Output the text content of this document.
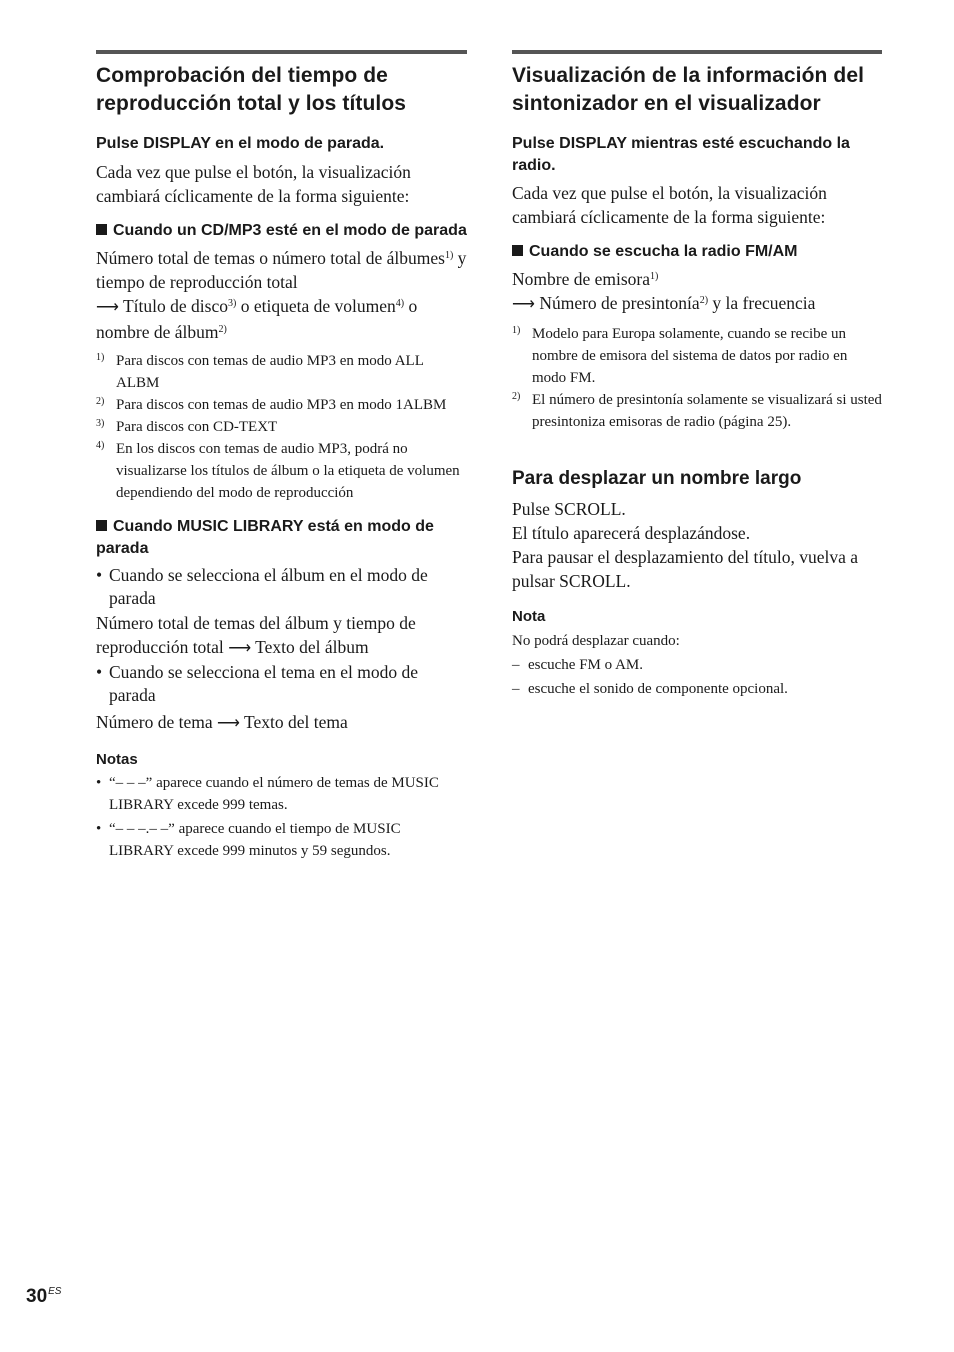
Comprobación del tiempo de reproducción total y los títulos
Pulse DISPLAY en el modo de parada.

Cada vez que pulse el botón, la visualización cambiará cíclicamente de la forma siguiente:

Cuando un CD/MP3 esté en el modo de parada

Número total de temas o número total de álbumes$^{1)}$ y tiempo de reproducción total
⟶ Título de disco$^{3)}$ o etiqueta de volumen$^{4)}$ o nombre de álbum$^{2)}$

1) Para discos con temas de audio MP3 en modo ALL ALBM
2) Para discos con temas de audio MP3 en modo 1ALBM
3) Para discos con CD-TEXT
4) En los discos con temas de audio MP3, podrá no visualizarse los títulos de álbum o la etiqueta de volumen dependiendo del modo de reproducción
Cuando MUSIC LIBRARY está en modo de parada
• Cuando se selecciona el álbum en el modo de parada

Número total de temas del álbum y tiempo de reproducción total ⟶ Texto del álbum

• Cuando se selecciona el tema en el modo de parada

Número de tema ⟶ Texto del tema

Notas
• “– – –” aparece cuando el número de temas de MUSIC LIBRARY excede 999 temas.
• “– – –.– –” aparece cuando el tiempo de MUSIC LIBRARY excede 999 minutos y 59 segundos.
Visualización de la información del sintonizador en el visualizador
Pulse DISPLAY mientras esté escuchando la radio.

Cada vez que pulse el botón, la visualización cambiará cíclicamente de la forma siguiente:

Cuando se escucha la radio FM/AM

Nombre de emisora$^{1)}$
⟶ Número de presintonía$^{2)}$ y la frecuencia

1) Modelo para Europa solamente, cuando se recibe un nombre de emisora del sistema de datos por radio en modo FM.
2) El número de presintonía solamente se visualizará si usted presintoniza emisoras de radio (página 25).
Para desplazar un nombre largo

Pulse SCROLL.

El título aparecerá desplazándose.

Para pausar el desplazamiento del título, vuelva a pulsar SCROLL.

Nota
No podrá desplazar cuando:
– escuche FM o AM.
– escuche el sonido de componente opcional.
$30^{ES}$
